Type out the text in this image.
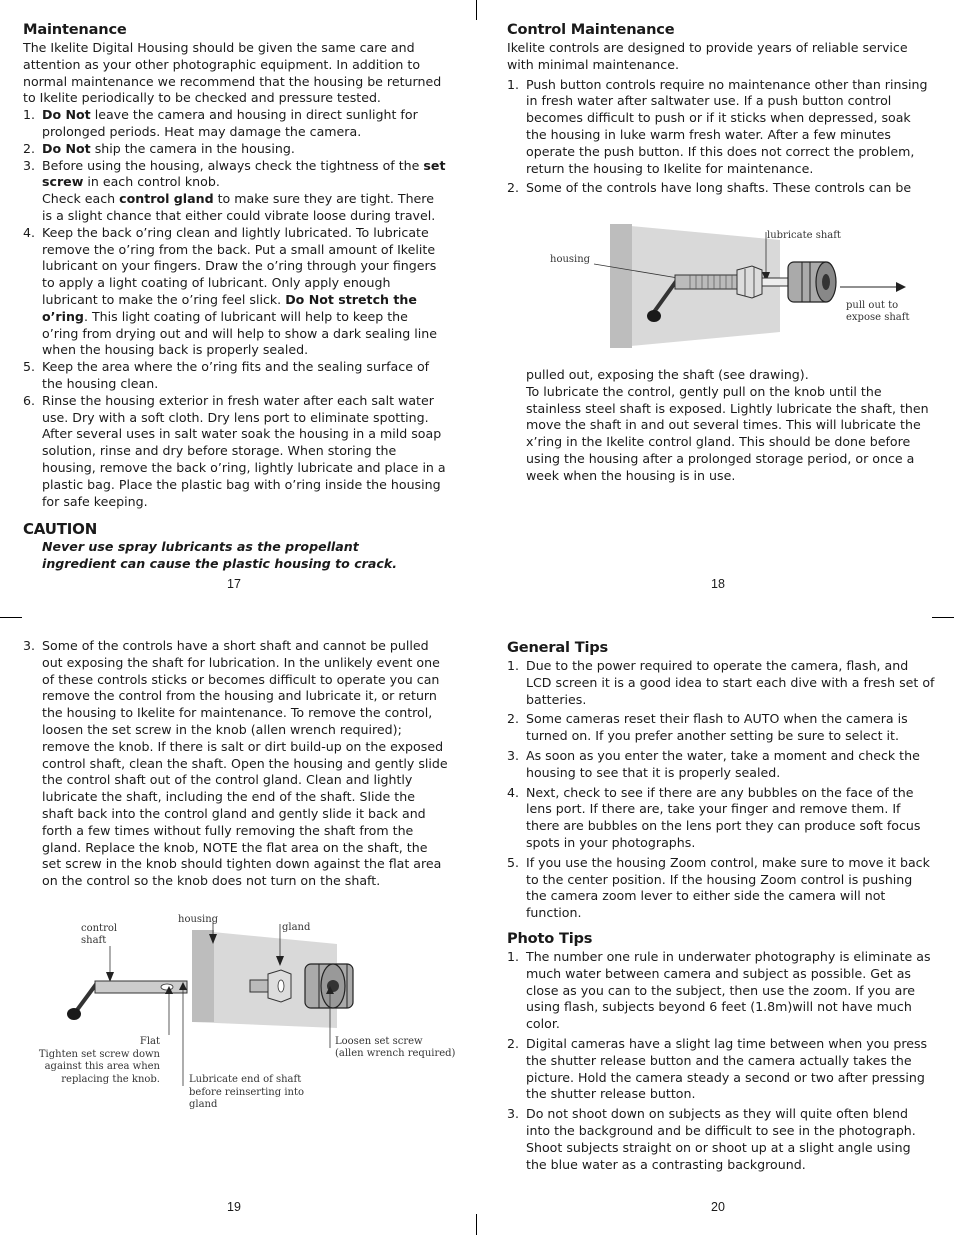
Maintenance

The Ikelite Digital Housing should be given the same care and attention as your other photographic equipment. In addition to normal maintenance we recommend that the housing be returned to Ikelite periodically to be checked and pressure tested.

1. Do Not leave the camera and housing in direct sunlight for prolonged periods. Heat may damage the camera.
2. Do Not ship the camera in the housing.
3. Before using the housing, always check the tightness of the set screw in each control knob.
Check each control gland to make sure they are tight. There is a slight chance that either could vibrate loose during travel.
4. Keep the back o’ring clean and lightly lubricated. To lubricate remove the o’ring from the back. Put a small amount of Ikelite lubricant on your fingers. Draw the o’ring through your fingers to apply a light coating of lubricant. Only apply enough lubricant to make the o’ring feel slick. Do Not stretch the o’ring. This light coating of lubricant will help to keep the o’ring from drying out and will help to show a dark sealing line when the housing back is properly sealed.
5. Keep the area where the o’ring fits and the sealing surface of the housing clean.
6. Rinse the housing exterior in fresh water after each salt water use. Dry with a soft cloth. Dry lens port to eliminate spotting. After several uses in salt water soak the housing in a mild soap solution, rinse and dry before storage. When storing the housing, remove the back o’ring, lightly lubricate and place in a plastic bag. Place the plastic bag with o’ring inside the housing for safe keeping.
CAUTION

Never use spray lubricants as the propellant ingredient can cause the plastic housing to crack.

17
Control Maintenance

Ikelite controls are designed to provide years of reliable service with minimal maintenance.

1. Push button controls require no maintenance other than rinsing in fresh water after saltwater use. If a push button control becomes difficult to push or if it sticks when depressed, soak the housing in luke warm fresh water. After a few minutes operate the push button. If this does not correct the problem, return the housing to Ikelite for maintenance.
2. Some of the controls have long shafts. These controls can be
housing
lubricate shaft
pull out to
expose shaft

pulled out, exposing the shaft (see drawing).

To lubricate the control, gently pull on the knob until the stainless steel shaft is exposed. Lightly lubricate the shaft, then move the shaft in and out several times. This will lubricate the x’ring in the Ikelite control gland. This should be done before using the housing after a prolonged storage period, or once a week when the housing is in use.

18
3. Some of the controls have a short shaft and cannot be pulled out exposing the shaft for lubrication. In the unlikely event one of these controls sticks or becomes difficult to operate you can remove the control from the housing and lubricate it, or return the housing to Ikelite for maintenance. To remove the control, loosen the set screw in the knob (allen wrench required); remove the knob. If there is salt or dirt build-up on the exposed control shaft, clean the shaft. Open the housing and gently slide the control shaft out of the control gland. Clean and lightly lubricate the shaft, including the end of the shaft. Slide the shaft back into the control gland and gently slide it back and forth a few times without fully removing the shaft from the gland. Replace the knob, NOTE the flat area on the shaft, the set screw in the knob should tighten down against the flat area on the control so the knob does not turn on the shaft.
control
shaft
housing
gland
Flat
Tighten set screw down
against this area when
replacing the knob.	Lubricate end of shaft
before reinserting into
gland
Loosen set screw
(allen wrench required)
19
General Tips
1. Due to the power required to operate the camera, flash, and LCD screen it is a good idea to start each dive with a fresh set of batteries.
2. Some cameras reset their flash to AUTO when the camera is turned on. If you prefer another setting be sure to select it.
3. As soon as you enter the water, take a moment and check the housing to see that it is properly sealed.
4. Next, check to see if there are any bubbles on the face of the lens port. If there are, take your finger and remove them. If there are bubbles on the lens port they can produce soft focus spots in your photographs.
5. If you use the housing Zoom control, make sure to move it back to the center position. If the housing Zoom control is pushing the camera zoom lever to either side the camera will not function.
Photo Tips
1. The number one rule in underwater photography is eliminate as much water between camera and subject as possible. Get as close as you can to the subject, then use the zoom. If you are using flash, subjects beyond 6 feet (1.8m)will not have much color.
2. Digital cameras have a slight lag time between when you press the shutter release button and the camera actually takes the picture. Hold the camera steady a second or two after pressing the shutter release button.
3. Do not shoot down on subjects as they will quite often blend into the background and be difficult to see in the photograph. Shoot subjects straight on or shoot up at a slight angle using the blue water as a contrasting background.
20
